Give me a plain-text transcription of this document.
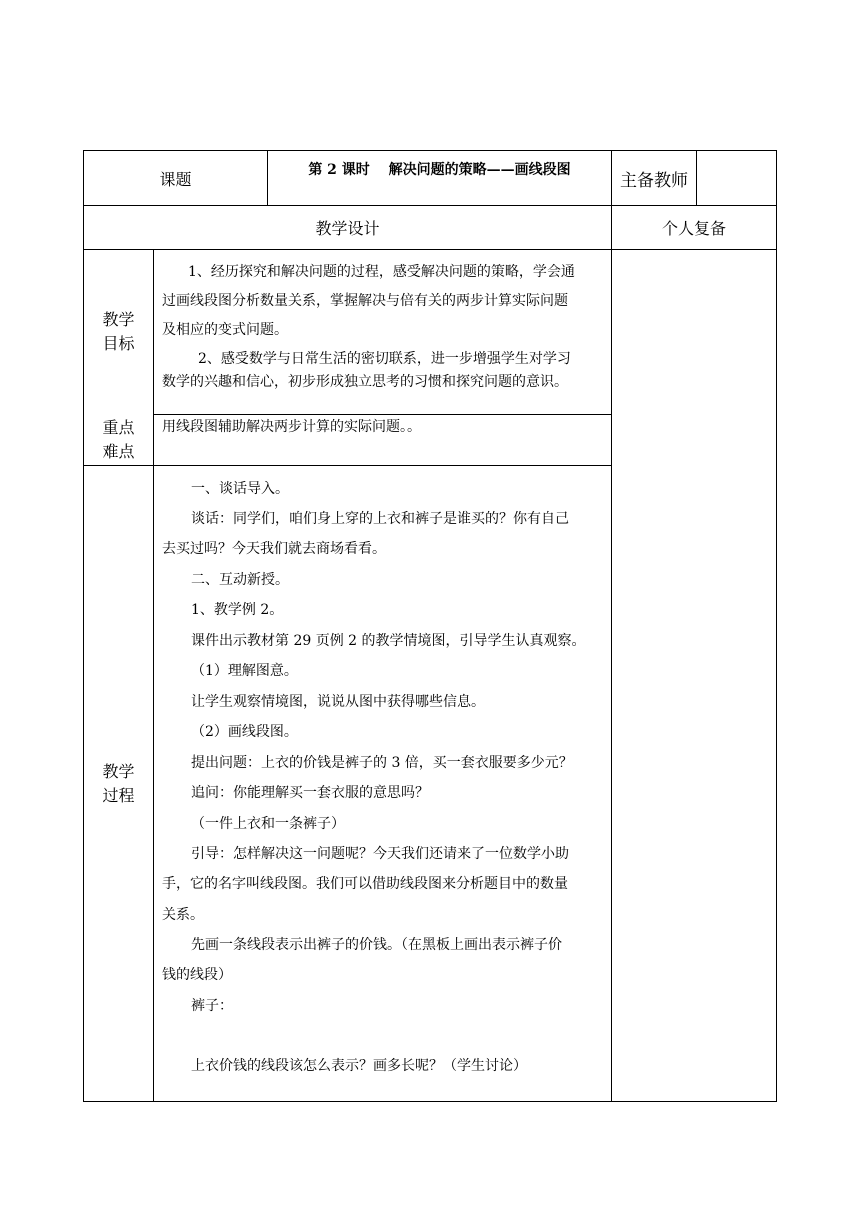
课题	第 2 课时　 解决问题的策略——画线段图
主备教师
教学设计	个人复备
教学
目标
1、经历探究和解决问题的过程，感受解决问题的策略，学会通
过画线段图分析数量关系，掌握解决与倍有关的两步计算实际问题
及相应的变式问题。
2、感受数学与日常生活的密切联系，进一步增强学生对学习
数学的兴趣和信心，初步形成独立思考的习惯和探究问题的意识。
重点
难点
用线段图辅助解决两步计算的实际问题。。
教学
过程
一、谈话导入。
谈话：同学们，咱们身上穿的上衣和裤子是谁买的？你有自己
去买过吗？今天我们就去商场看看。
二、互动新授。
1、教学例 2。
课件出示教材第 29 页例 2 的教学情境图，引导学生认真观察。
（1）理解图意。
让学生观察情境图，说说从图中获得哪些信息。
（2）画线段图。
提出问题：上衣的价钱是裤子的 3 倍，买一套衣服要多少元？
追问：你能理解买一套衣服的意思吗？
（一件上衣和一条裤子）
引导：怎样解决这一问题呢？今天我们还请来了一位数学小助
手，它的名字叫线段图。我们可以借助线段图来分析题目中的数量
关系。
先画一条线段表示出裤子的价钱。（在黑板上画出表示裤子价
钱的线段）
裤子：
上衣价钱的线段该怎么表示？画多长呢？（学生讨论）
